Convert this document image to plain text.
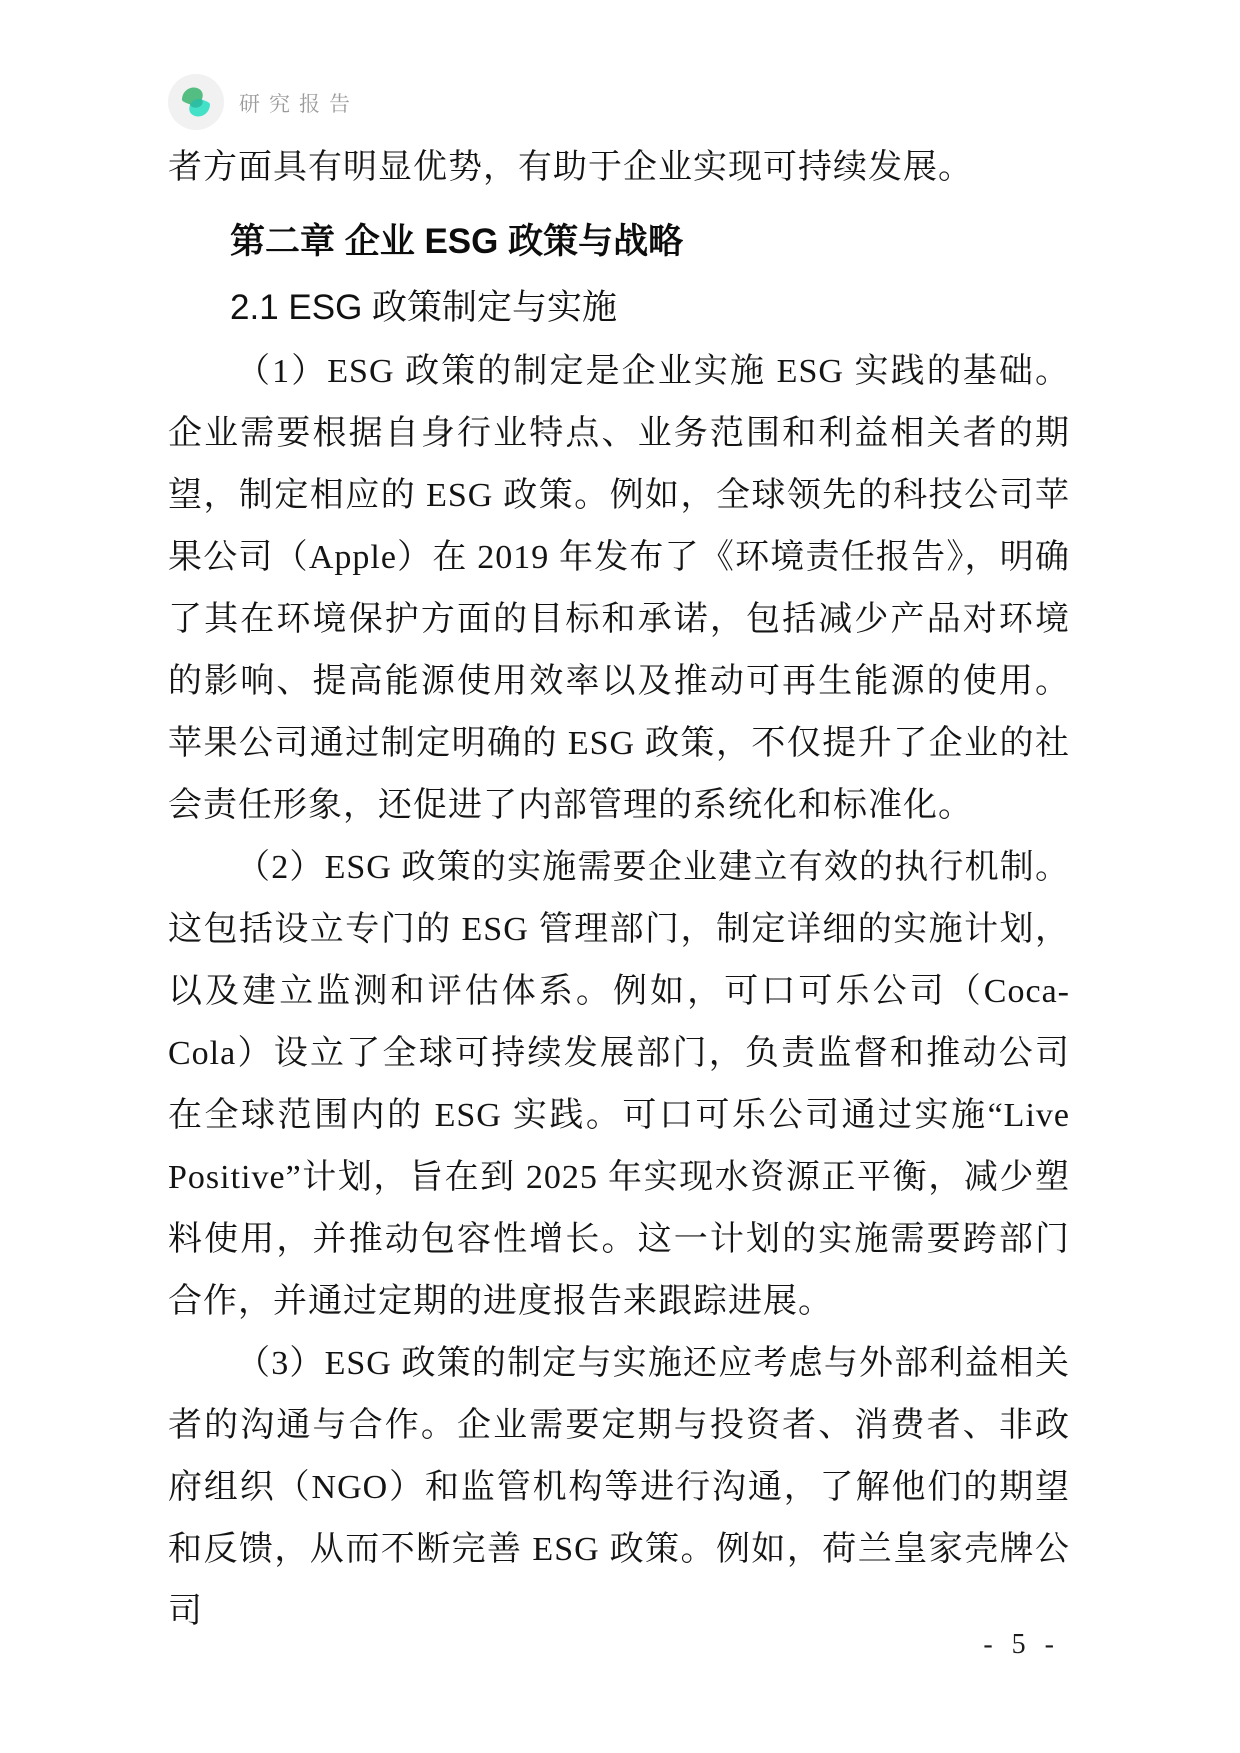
研究报告

者方面具有明显优势，有助于企业实现可持续发展。

第二章 企业 ESG 政策与战略
2.1 ESG 政策制定与实施

（1）ESG 政策的制定是企业实施 ESG 实践的基础。企业需要根据自身行业特点、业务范围和利益相关者的期望，制定相应的 ESG 政策。例如，全球领先的科技公司苹果公司（Apple）在 2019 年发布了《环境责任报告》，明确了其在环境保护方面的目标和承诺，包括减少产品对环境的影响、提高能源使用效率以及推动可再生能源的使用。苹果公司通过制定明确的 ESG 政策，不仅提升了企业的社会责任形象，还促进了内部管理的系统化和标准化。

（2）ESG 政策的实施需要企业建立有效的执行机制。这包括设立专门的 ESG 管理部门，制定详细的实施计划，以及建立监测和评估体系。例如，可口可乐公司（Coca-Cola）设立了全球可持续发展部门，负责监督和推动公司在全球范围内的 ESG 实践。可口可乐公司通过实施“Live Positive”计划，旨在到 2025 年实现水资源正平衡，减少塑料使用，并推动包容性增长。这一计划的实施需要跨部门合作，并通过定期的进度报告来跟踪进展。

（3）ESG 政策的制定与实施还应考虑与外部利益相关者的沟通与合作。企业需要定期与投资者、消费者、非政府组织（NGO）和监管机构等进行沟通，了解他们的期望和反馈，从而不断完善 ESG 政策。例如，荷兰皇家壳牌公司

- 5 -
